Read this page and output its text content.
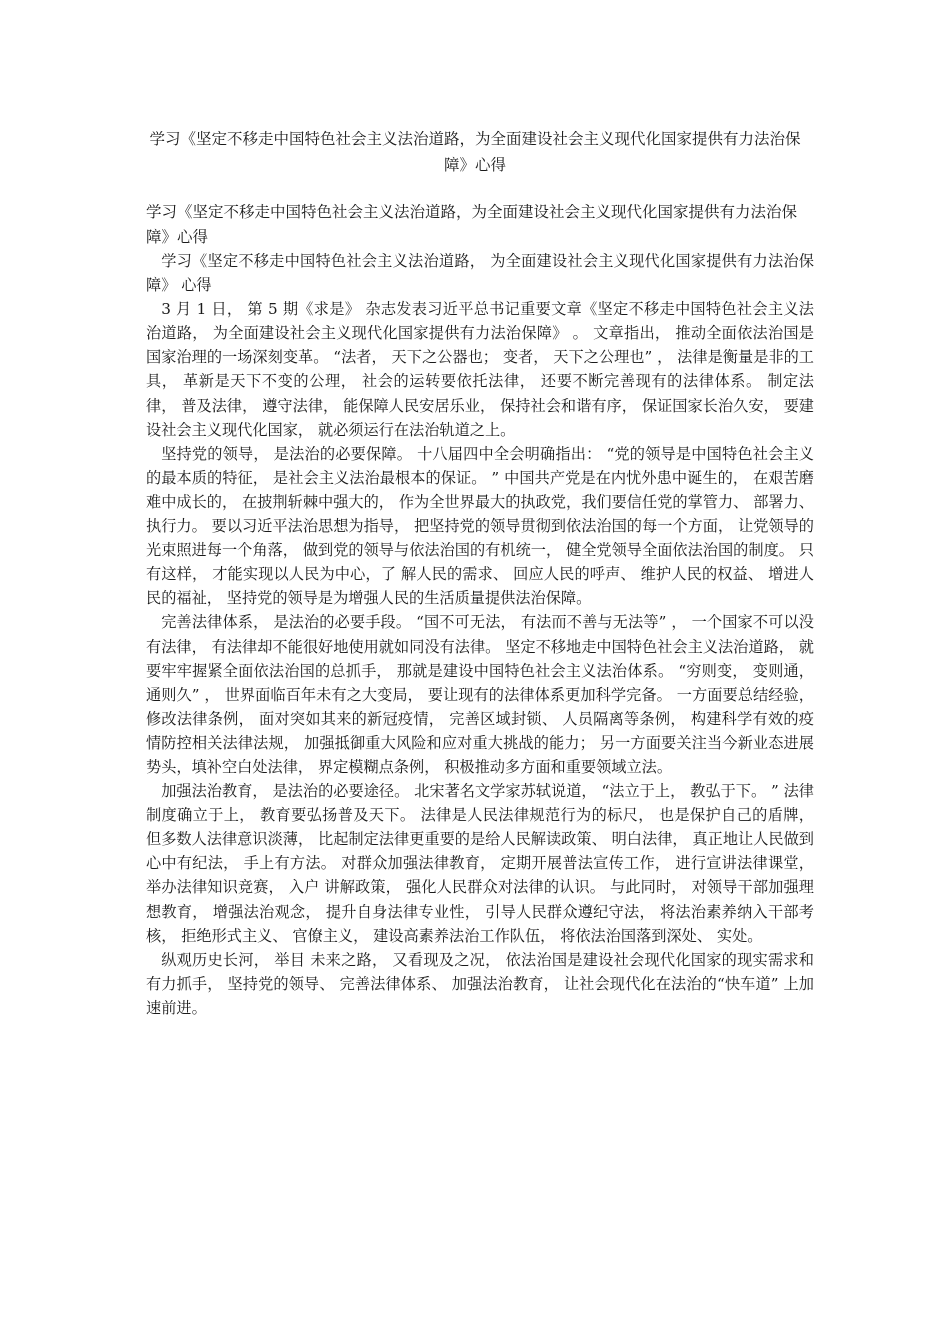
学习《坚定不移走中国特色社会主义法治道路，为全面建设社会主义现代化国家提供有力法治保障》心得
学习《坚定不移走中国特色社会主义法治道路，为全面建设社会主义现代化国家提供有力法治保障》心得

学习《坚定不移走中国特色社会主义法治道路， 为全面建设社会主义现代化国家提供有力法治保障》 心得

3 月 1 日， 第 5 期《求是》 杂志发表习近平总书记重要文章《坚定不移走中国特色社会主义法治道路， 为全面建设社会主义现代化国家提供有力法治保障》 。 文章指出， 推动全面依法治国是国家治理的一场深刻变革。 “法者， 天下之公器也； 变者， 天下之公理也” ， 法律是衡量是非的工具， 革新是天下不变的公理， 社会的运转要依托法律， 还要不断完善现有的法律体系。 制定法律， 普及法律， 遵守法律， 能保障人民安居乐业， 保持社会和谐有序， 保证国家长治久安， 要建设社会主义现代化国家， 就必须运行在法治轨道之上。

坚持党的领导， 是法治的必要保障。 十八届四中全会明确指出： “党的领导是中国特色社会主义的最本质的特征， 是社会主义法治最根本的保证。 ” 中国共产党是在内忧外患中诞生的， 在艰苦磨难中成长的， 在披荆斩棘中强大的， 作为全世界最大的执政党，我们要信任党的掌管力、 部署力、 执行力。 要以习近平法治思想为指导， 把坚持党的领导贯彻到依法治国的每一个方面， 让党领导的光束照进每一个角落， 做到党的领导与依法治国的有机统一， 健全党领导全面依法治国的制度。 只有这样， 才能实现以人民为中心，了 解人民的需求、 回应人民的呼声、 维护人民的权益、 增进人民的福祉， 坚持党的领导是为增强人民的生活质量提供法治保障。

完善法律体系， 是法治的必要手段。 “国不可无法， 有法而不善与无法等” ， 一个国家不可以没有法律， 有法律却不能很好地使用就如同没有法律。 坚定不移地走中国特色社会主义法治道路， 就要牢牢握紧全面依法治国的总抓手， 那就是建设中国特色社会主义法治体系。 “穷则变， 变则通， 通则久” ， 世界面临百年未有之大变局， 要让现有的法律体系更加科学完备。 一方面要总结经验， 修改法律条例， 面对突如其来的新冠疫情， 完善区域封锁、 人员隔离等条例， 构建科学有效的疫情防控相关法律法规， 加强抵御重大风险和应对重大挑战的能力； 另一方面要关注当今新业态进展势头，填补空白处法律， 界定模糊点条例， 积极推动多方面和重要领域立法。

加强法治教育， 是法治的必要途径。 北宋著名文学家苏轼说道， “法立于上， 教弘于下。 ” 法律制度确立于上， 教育要弘扬普及天下。 法律是人民法律规范行为的标尺， 也是保护自己的盾牌， 但多数人法律意识淡薄， 比起制定法律更重要的是给人民解读政策、 明白法律， 真正地让人民做到心中有纪法， 手上有方法。 对群众加强法律教育， 定期开展普法宣传工作， 进行宣讲法律课堂， 举办法律知识竞赛， 入户 讲解政策， 强化人民群众对法律的认识。 与此同时， 对领导干部加强理想教育， 增强法治观念， 提升自身法律专业性， 引导人民群众遵纪守法， 将法治素养纳入干部考核， 拒绝形式主义、 官僚主义， 建设高素养法治工作队伍， 将依法治国落到深处、 实处。

纵观历史长河， 举目 未来之路， 又看现及之况， 依法治国是建设社会现代化国家的现实需求和有力抓手， 坚持党的领导、 完善法律体系、 加强法治教育， 让社会现代化在法治的“快车道” 上加速前进。
